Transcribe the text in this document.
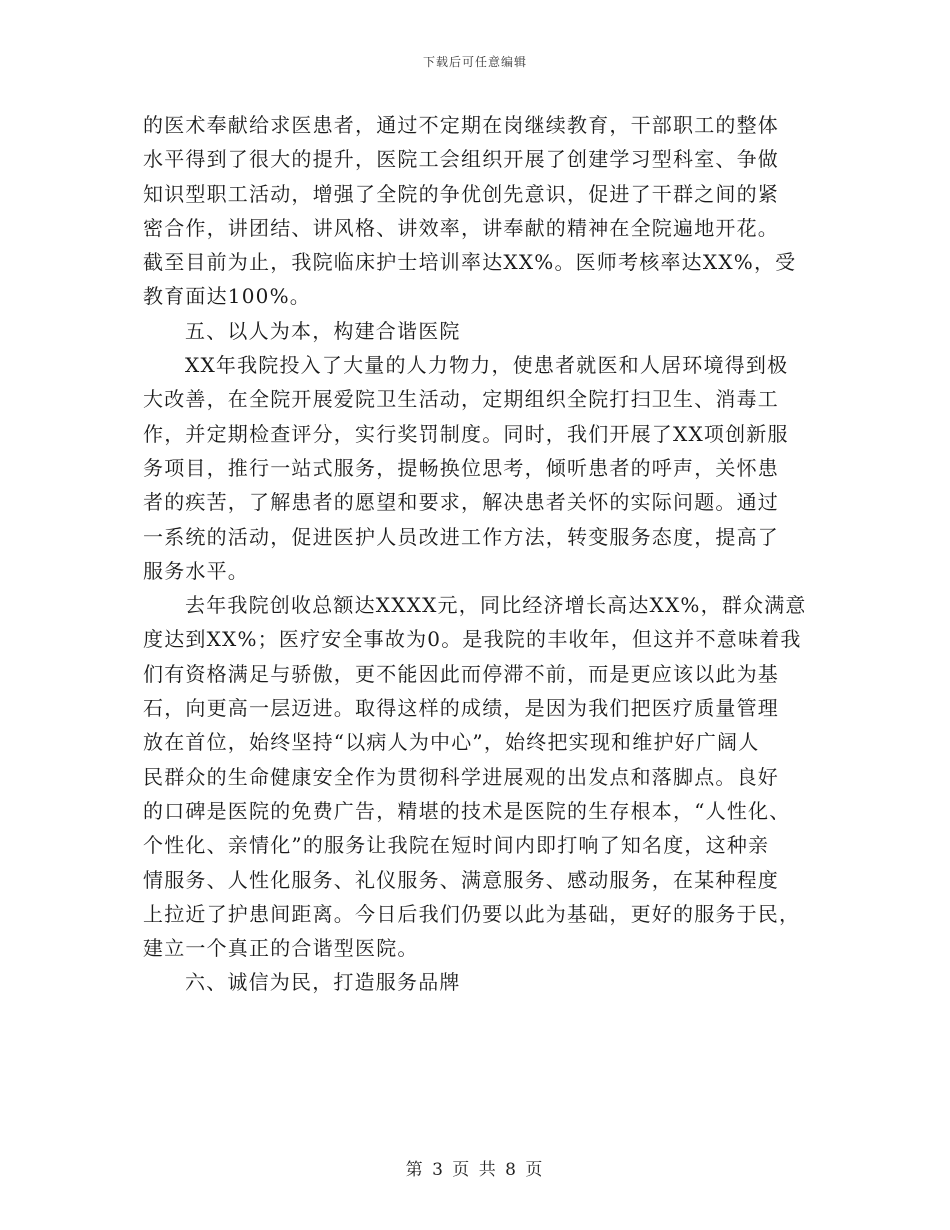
下载后可任意编辑
的医术奉献给求医患者，通过不定期在岗继续教育，干部职工的整体
水平得到了很大的提升，医院工会组织开展了创建学习型科室、争做
知识型职工活动，增强了全院的争优创先意识，促进了干群之间的紧
密合作，讲团结、讲风格、讲效率，讲奉献的精神在全院遍地开花。
截至目前为止，我院临床护士培训率达XX%。医师考核率达XX%，受
教育面达100%。
五、以人为本，构建合谐医院
XX年我院投入了大量的人力物力，使患者就医和人居环境得到极
大改善，在全院开展爱院卫生活动，定期组织全院打扫卫生、消毒工
作，并定期检查评分，实行奖罚制度。同时，我们开展了XX项创新服
务项目，推行一站式服务，提畅换位思考，倾听患者的呼声，关怀患
者的疾苦，了解患者的愿望和要求，解决患者关怀的实际问题。通过
一系统的活动，促进医护人员改进工作方法，转变服务态度，提高了
服务水平。
去年我院创收总额达XXXX元，同比经济增长高达XX%，群众满意
度达到XX%；医疗安全事故为0。是我院的丰收年，但这并不意味着我
们有资格满足与骄傲，更不能因此而停滞不前，而是更应该以此为基
石，向更高一层迈进。取得这样的成绩，是因为我们把医疗质量管理
放在首位，始终坚持“以病人为中心”，始终把实现和维护好广阔人
民群众的生命健康安全作为贯彻科学进展观的出发点和落脚点。良好
的口碑是医院的免费广告，精堪的技术是医院的生存根本，“人性化、
个性化、亲情化”的服务让我院在短时间内即打响了知名度，这种亲
情服务、人性化服务、礼仪服务、满意服务、感动服务，在某种程度
上拉近了护患间距离。今日后我们仍要以此为基础，更好的服务于民，
建立一个真正的合谐型医院。
六、诚信为民，打造服务品牌
第 3 页 共 8 页
